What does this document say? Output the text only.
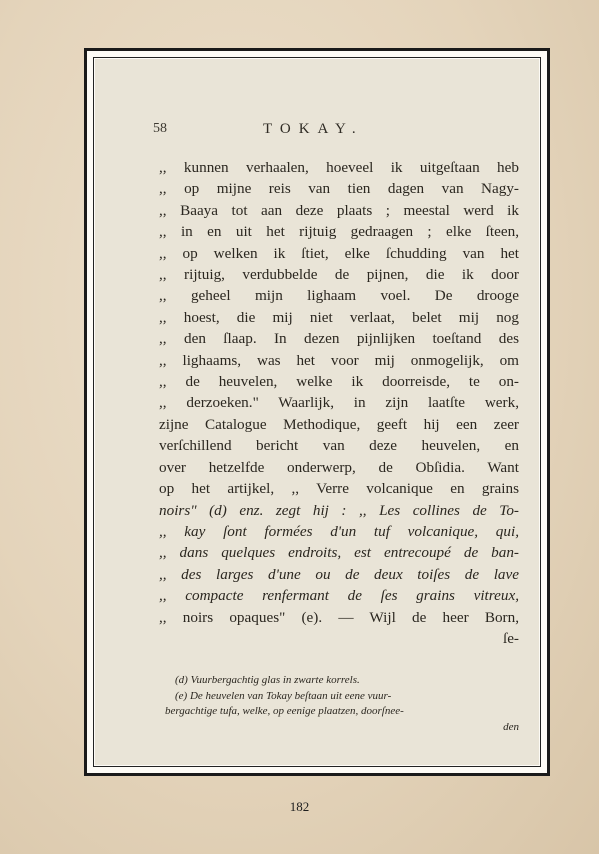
58	TOKAY.
,, kunnen verhaalen, hoeveel ik uitgeſtaan heb
,, op mijne reis van tien dagen van Nagy-
,, Baaya tot aan deze plaats ; meestal werd ik
,, in en uit het rijtuig gedraagen ; elke ſteen,
,, op welken ik ſtiet, elke ſchudding van het
,, rijtuig, verdubbelde de pijnen, die ik door
,, geheel mijn lighaam voel. De drooge
,, hoest, die mij niet verlaat, belet mij nog
,, den ſlaap. In dezen pijnlijken toeſtand des
,, lighaams, was het voor mij onmogelijk, om
,, de heuvelen, welke ik doorreisde, te on-
,, derzoeken." Waarlijk, in zijn laatſte werk,
zijne Catalogue Methodique, geeft hij een zeer
verſchillend bericht van deze heuvelen, en
over hetzelfde onderwerp, de Obſidia. Want
op het artijkel, ,, Verre volcanique en grains
noirs" (d) enz. zegt hij : ,, Les collines de To-
,, kay ſont formées d'un tuf volcanique, qui,
,, dans quelques endroits, est entrecoupé de ban-
,, des larges d'une ou de deux toiſes de lave
,, compacte renfermant de ſes grains vitreux,
,, noirs opaques" (e). — Wijl de heer Born,
ſe-
(d) Vuurbergachtig glas in zwarte korrels.
(e) De heuvelen van Tokay beſtaan uit eene vuur-
bergachtige tufa, welke, op eenige plaatzen, doorſnee-
den
182
